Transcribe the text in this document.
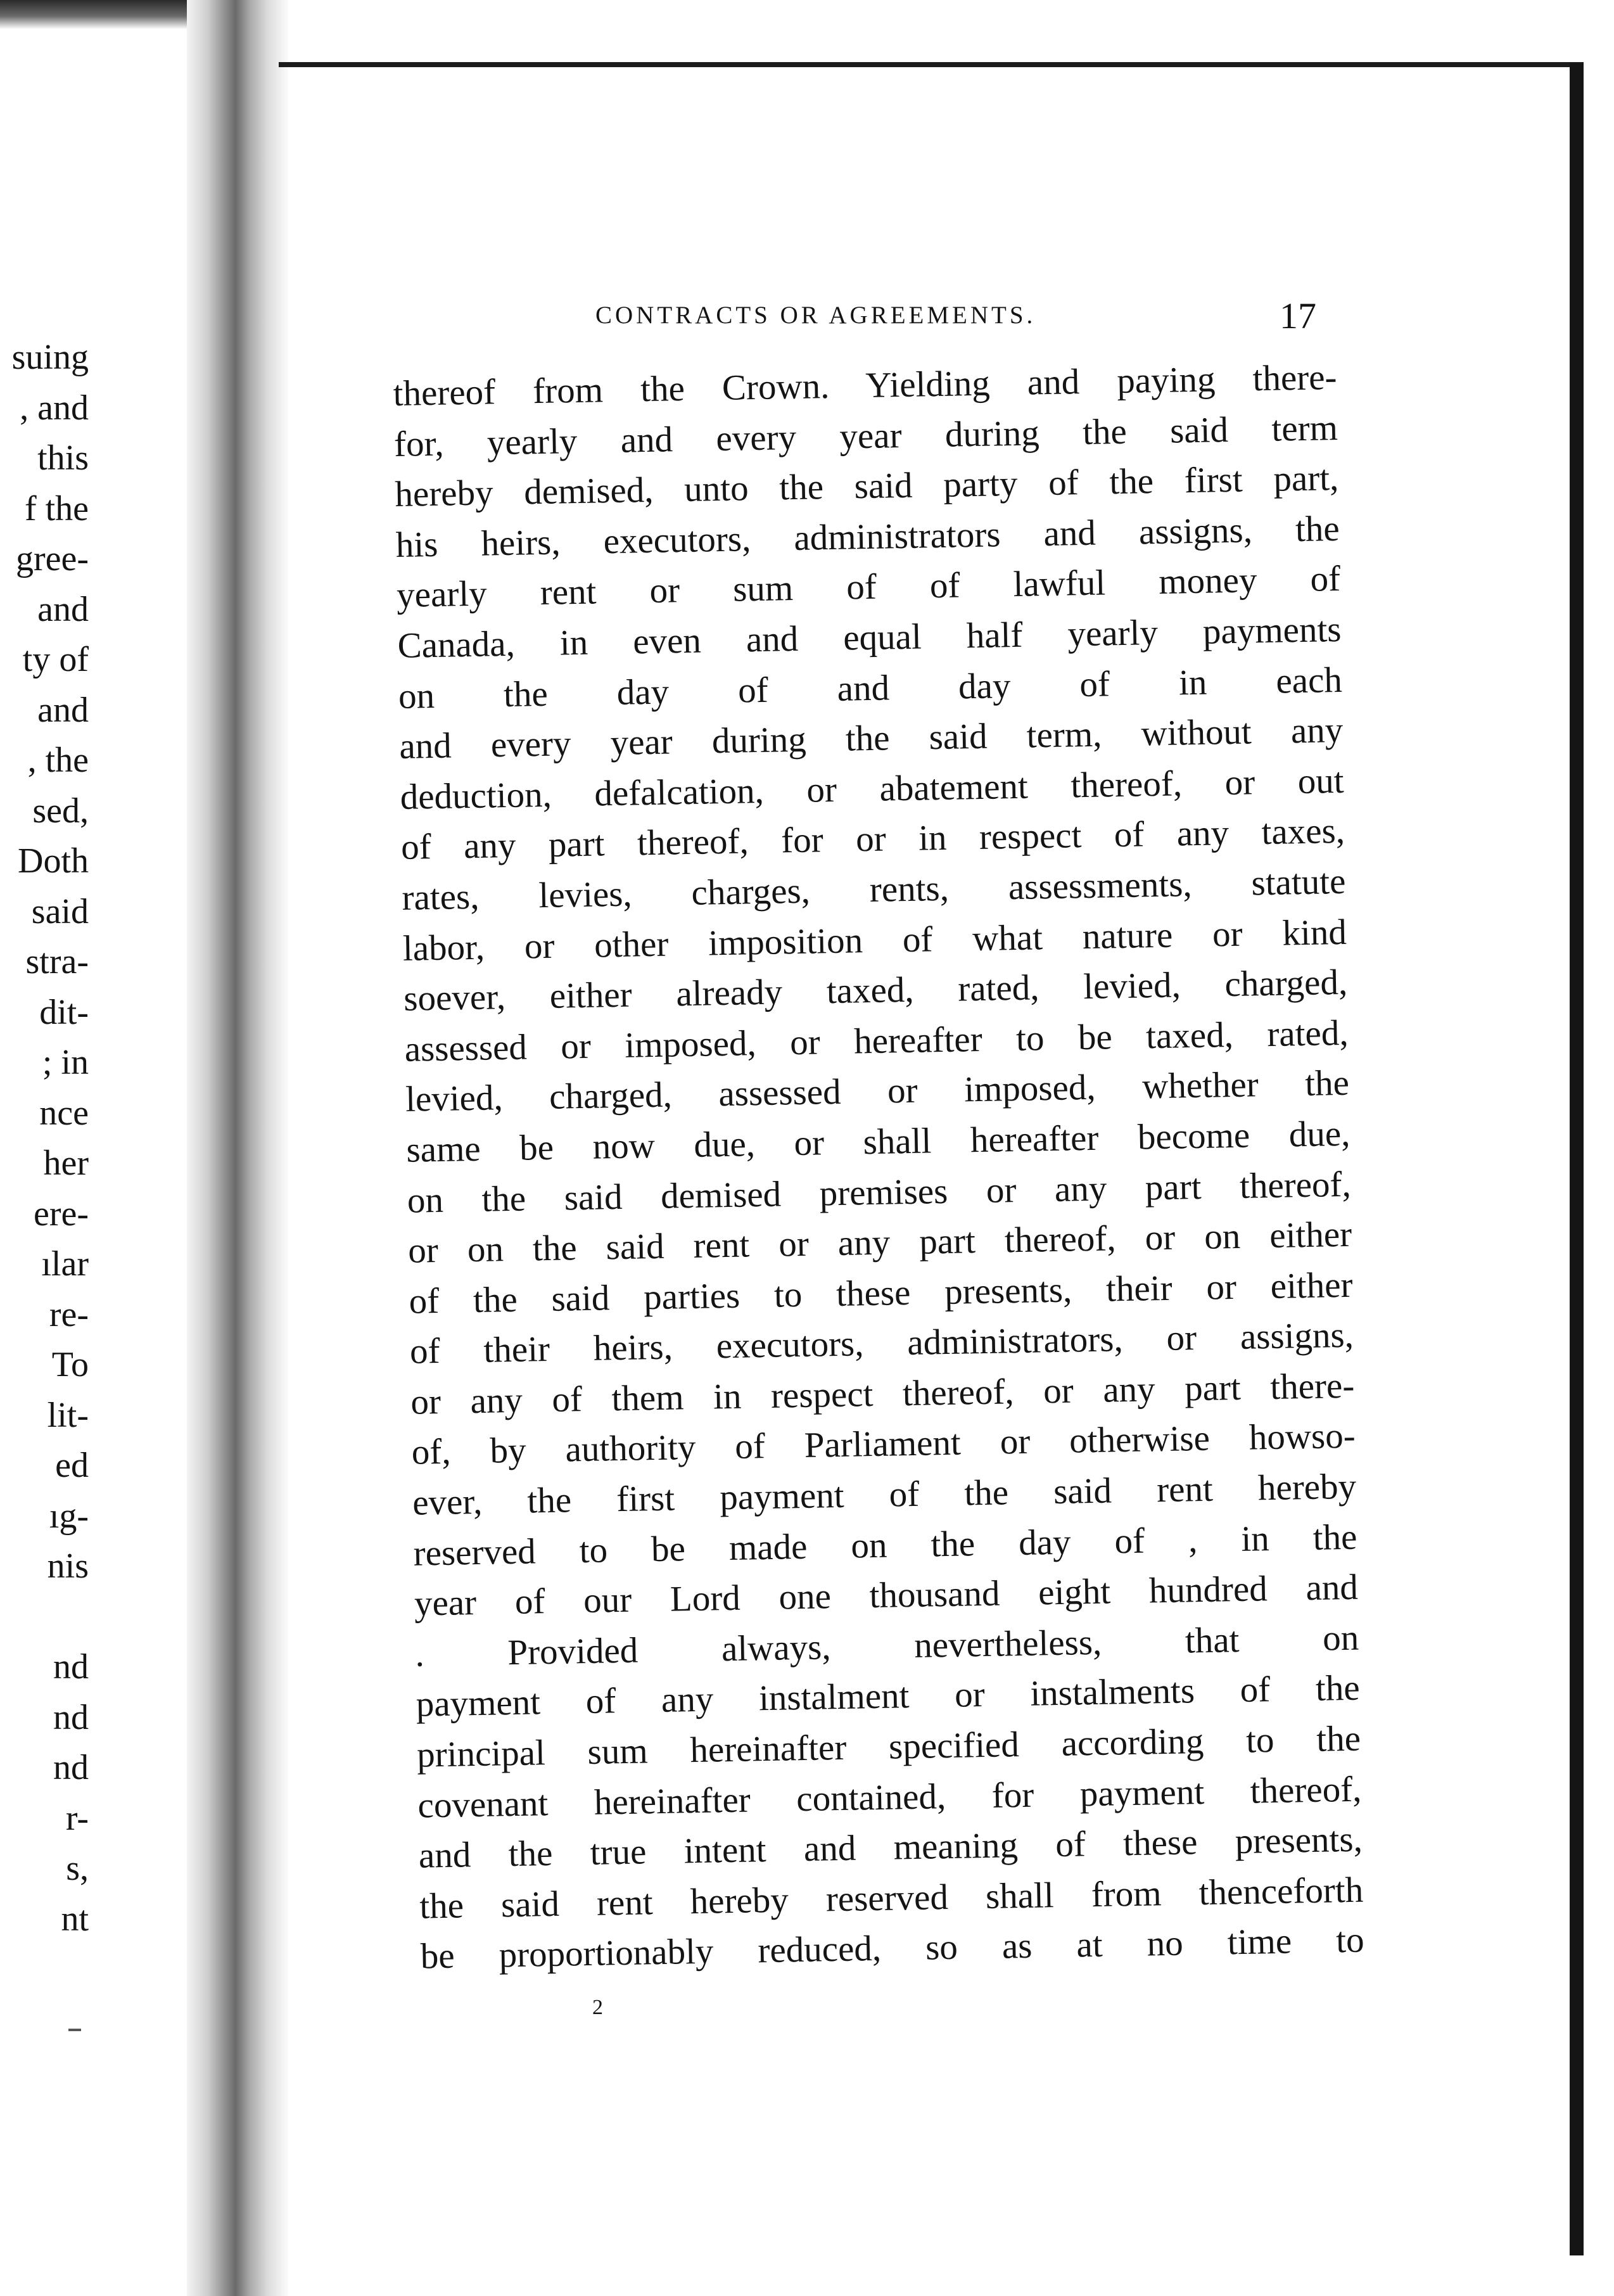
suing
, and
this
f the
gree-
and
ty of
and
, the
sed,
Doth
said
stra-
dit-
; in
nce
her
ere-
ılar
re-
To
lit-
ed
ıg-
nis
nd
nd
nd
r-
s,
nt
CONTRACTS OR AGREEMENTS.	17
thereof from the Crown. Yielding and paying there-
for, yearly and every year during the said term
hereby demised, unto the said party of the first part,
his heirs, executors, administrators and assigns, the
yearly rent or sum of of lawful money of
Canada, in even and equal half yearly payments
on the day of and day of in each
and every year during the said term, without any
deduction, defalcation, or abatement thereof, or out
of any part thereof, for or in respect of any taxes,
rates, levies, charges, rents, assessments, statute
labor, or other imposition of what nature or kind
soever, either already taxed, rated, levied, charged,
assessed or imposed, or hereafter to be taxed, rated,
levied, charged, assessed or imposed, whether the
same be now due, or shall hereafter become due,
on the said demised premises or any part thereof,
or on the said rent or any part thereof, or on either
of the said parties to these presents, their or either
of their heirs, executors, administrators, or assigns,
or any of them in respect thereof, or any part there-
of, by authority of Parliament or otherwise howso-
ever, the first payment of the said rent hereby
reserved to be made on the day of , in the
year of our Lord one thousand eight hundred and
. Provided always, nevertheless, that on
payment of any instalment or instalments of the
principal sum hereinafter specified according to the
covenant hereinafter contained, for payment thereof,
and the true intent and meaning of these presents,
the said rent hereby reserved shall from thenceforth
be proportionably reduced, so as at no time to
2
